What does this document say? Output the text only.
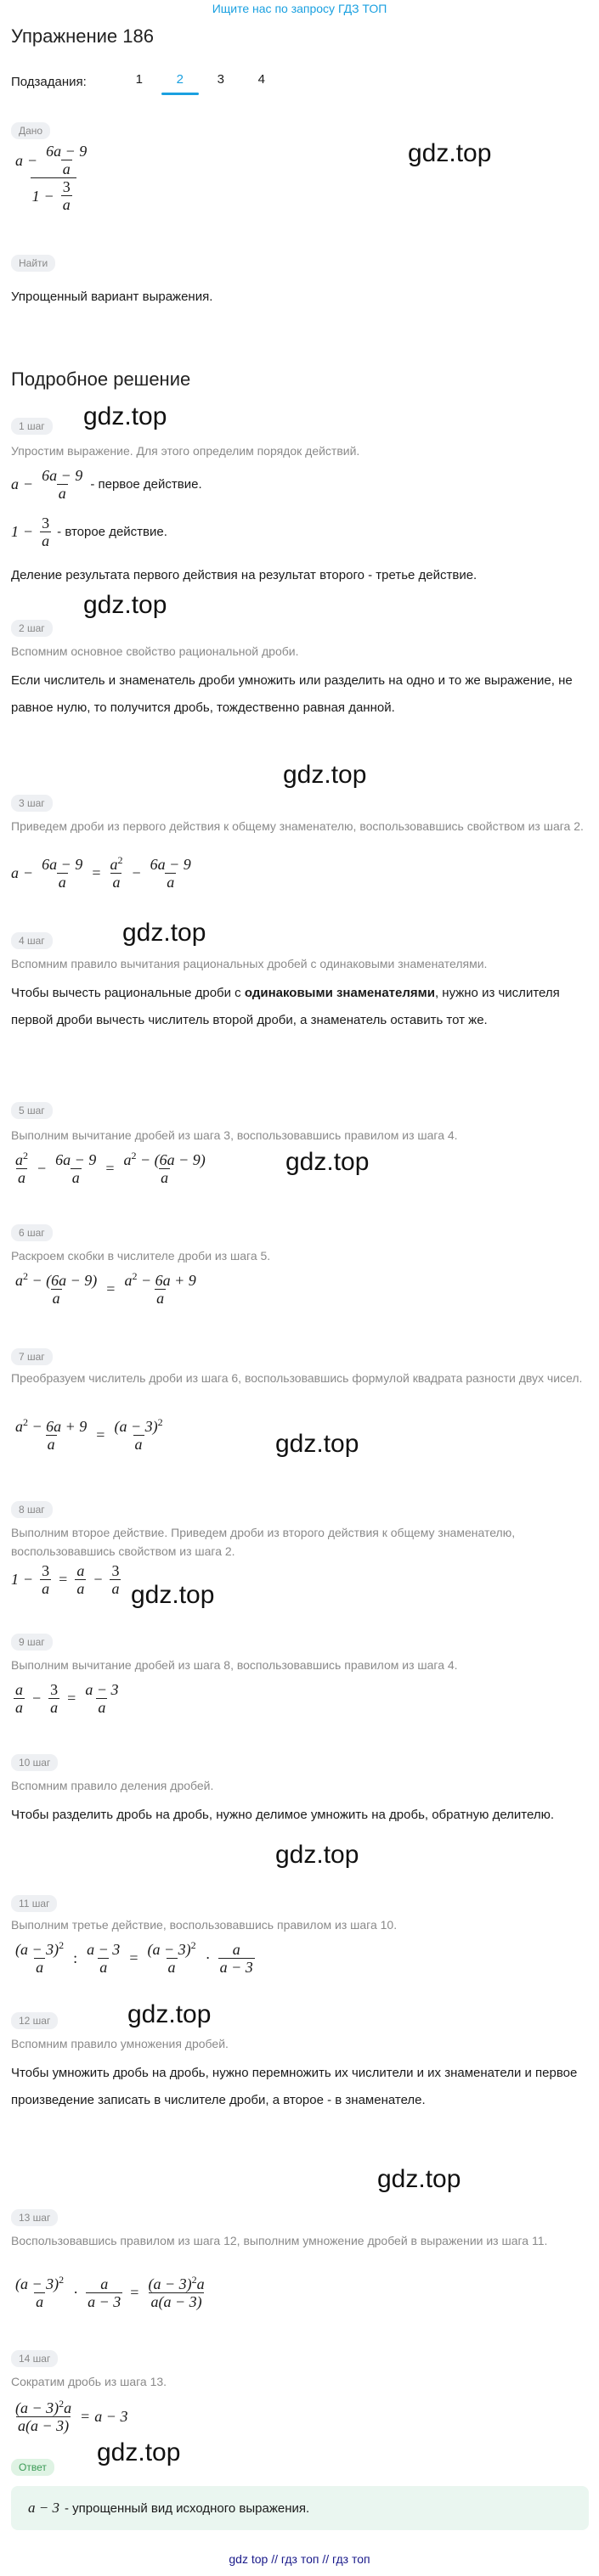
Ищите нас по запросу ГДЗ ТОП
Упражнение 186
Подзадания:	1	2	3	4
Дано
$\frac{a - \frac{6a - 9}{a}}{1 - \frac{3}{a}}$	gdz.top
Найти
Упрощенный вариант выражения.
Подробное решение
1 шаг	gdz.top
Упростим выражение. Для этого определим порядок действий.
$a - \frac{6a - 9}{a}$ - первое действие.
$1 - \frac{3}{a}$ - второе действие.
Деление результата первого действия на результат второго - третье действие.
2 шаг
gdz.top
Вспомним основное свойство рациональной дроби.
Если числитель и знаменатель дроби умножить или разделить на одно и то же выражение, не равное нулю, то получится дробь, тождественно равная данной.
gdz.top
3 шаг
Приведем дроби из первого действия к общему знаменателю, воспользовавшись свойством из шага 2.
$a - \frac{6a - 9}{a} = \frac{a^2}{a} - \frac{6a - 9}{a}$
4 шаг	gdz.top
Вспомним правило вычитания рациональных дробей с одинаковыми знаменателями.
Чтобы вычесть рациональные дроби с одинаковыми знаменателями, нужно из числителя первой дроби вычесть числитель второй дроби, а знаменатель оставить тот же.
5 шаг
Выполним вычитание дробей из шага 3, воспользовавшись правилом из шага 4.
$\frac{a^2}{a} - \frac{6a - 9}{a} = \frac{a^2 - (6a - 9)}{a}$	gdz.top
6 шаг
Раскроем скобки в числителе дроби из шага 5.
$\frac{a^2 - (6a - 9)}{a} = \frac{a^2 - 6a + 9}{a}$
7 шаг
Преобразуем числитель дроби из шага 6, воспользовавшись формулой квадрата разности двух чисел.
$\frac{a^2 - 6a + 9}{a} = \frac{(a - 3)^2}{a}$	gdz.top
8 шаг
Выполним второе действие. Приведем дроби из второго действия к общему знаменателю, воспользовавшись свойством из шага 2.
$1 - \frac{3}{a} = \frac{a}{a} - \frac{3}{a} gdz.top$
9 шаг
Выполним вычитание дробей из шага 8, воспользовавшись правилом из шага 4.
$\frac{a}{a} - \frac{3}{a} = \frac{a - 3}{a}$
10 шаг
Вспомним правило деления дробей.
Чтобы разделить дробь на дробь, нужно делимое умножить на дробь, обратную делителю.
gdz.top
11 шаг
Выполним третье действие, воспользовавшись правилом из шага 10.
$\frac{(a - 3)^2}{a}$ : $\frac{a - 3}{a} = \frac{(a - 3)^2}{a} \cdot \frac{a}{a - 3}$
12 шаг	gdz.top
Вспомним правило умножения дробей.
Чтобы умножить дробь на дробь, нужно перемножить их числители и их знаменатели и первое произведение записать в числителе дроби, а второе - в знаменателе.
gdz.top
13 шаг
Воспользовавшись правилом из шага 12, выполним умножение дробей в выражении из шага 11.
$\frac{(a - 3)^2}{a} \cdot \frac{a}{a - 3} = \frac{(a - 3)^2a}{a(a - 3)}$
14 шаг
Сократим дробь из шага 13.
$\frac{(a - 3)^2a}{a(a - 3)} = a - 3$
Ответ
gdz.top
a − 3 - упрощенный вид исходного выражения.
gdz top // гдз топ // гдз топ
